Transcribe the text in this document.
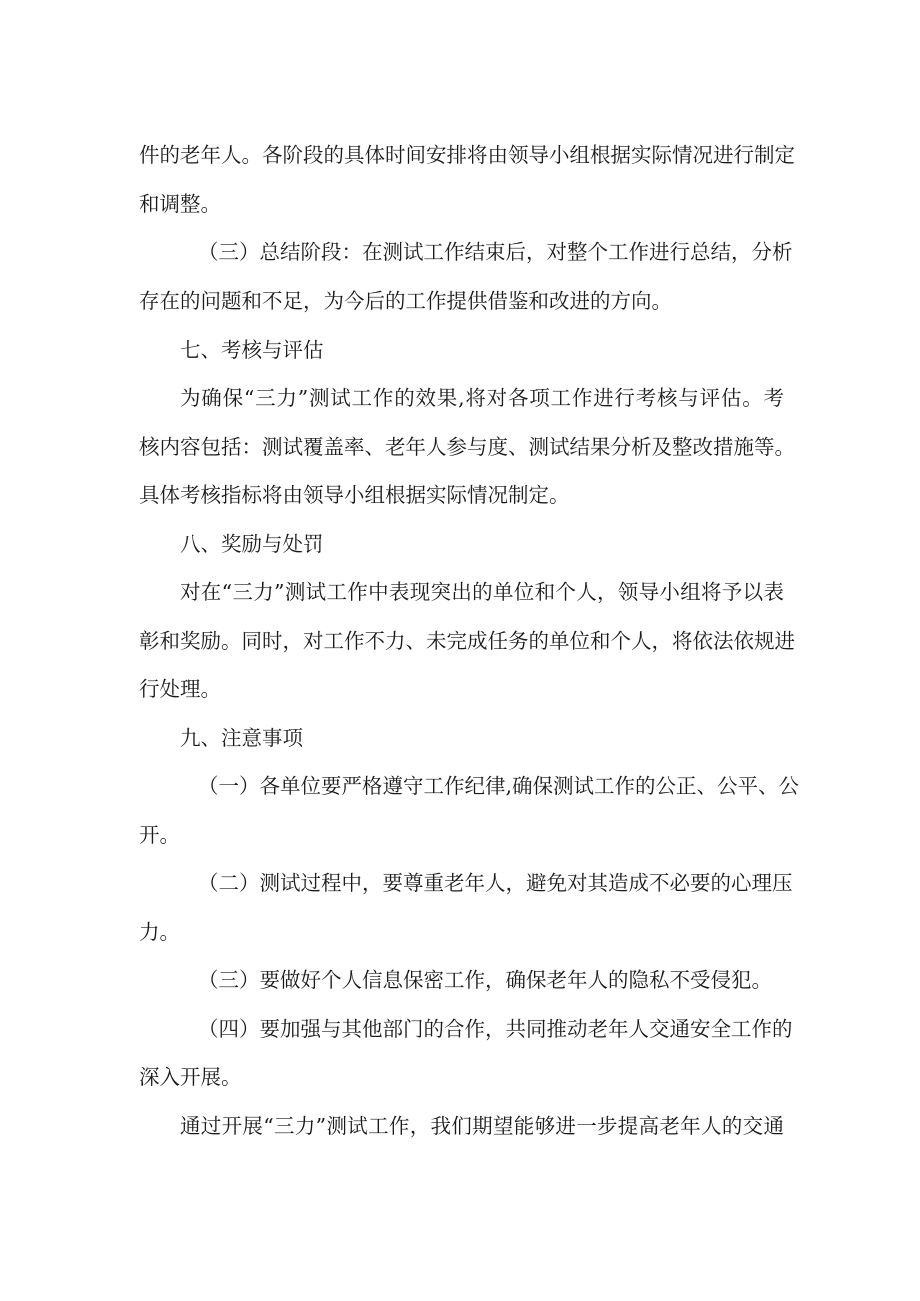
件的老年人。各阶段的具体时间安排将由领导小组根据实际情况进行制定
和调整。
（三）总结阶段：在测试工作结束后，对整个工作进行总结，分析
存在的问题和不足，为今后的工作提供借鉴和改进的方向。
七、考核与评估
为确保“三力”测试工作的效果,将对各项工作进行考核与评估。考
核内容包括：测试覆盖率、老年人参与度、测试结果分析及整改措施等。
具体考核指标将由领导小组根据实际情况制定。
八、奖励与处罚
对在“三力”测试工作中表现突出的单位和个人，领导小组将予以表
彰和奖励。同时，对工作不力、未完成任务的单位和个人，将依法依规进
行处理。
九、注意事项
（一）各单位要严格遵守工作纪律,确保测试工作的公正、公平、公
开。
（二）测试过程中，要尊重老年人，避免对其造成不必要的心理压
力。
（三）要做好个人信息保密工作，确保老年人的隐私不受侵犯。
（四）要加强与其他部门的合作，共同推动老年人交通安全工作的
深入开展。
通过开展“三力”测试工作，我们期望能够进一步提高老年人的交通
